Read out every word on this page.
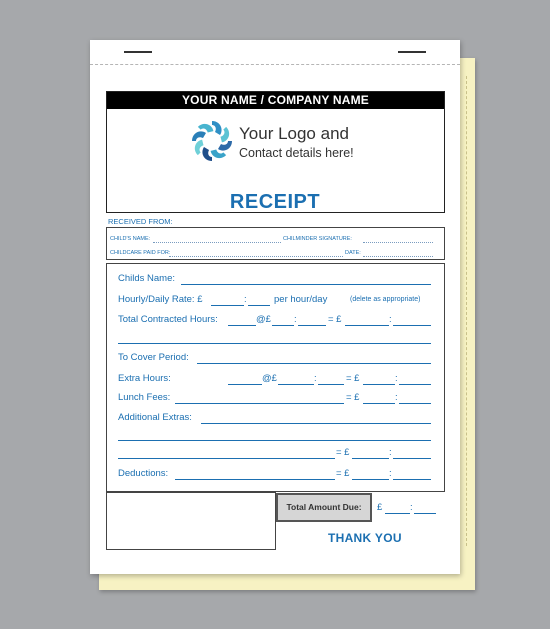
YOUR NAME / COMPANY NAME
Your Logo and
Contact details here!
RECEIPT
RECEIVED FROM:
CHILD'S NAME:	CHILMINDER SIGNATURE:
CHILDCARE PAID FOR:	DATE:
Childs Name:
Hourly/Daily Rate: £	:	per hour/day	(delete as appropriate)
Total Contracted Hours:	@£ :	= £	:
To Cover Period:
Extra Hours:	@£	:	= £	:
Lunch Fees:	= £	:
Additional Extras:
= £	:
Deductions:	= £	:
Total Amount Due:	£	:
THANK YOU
